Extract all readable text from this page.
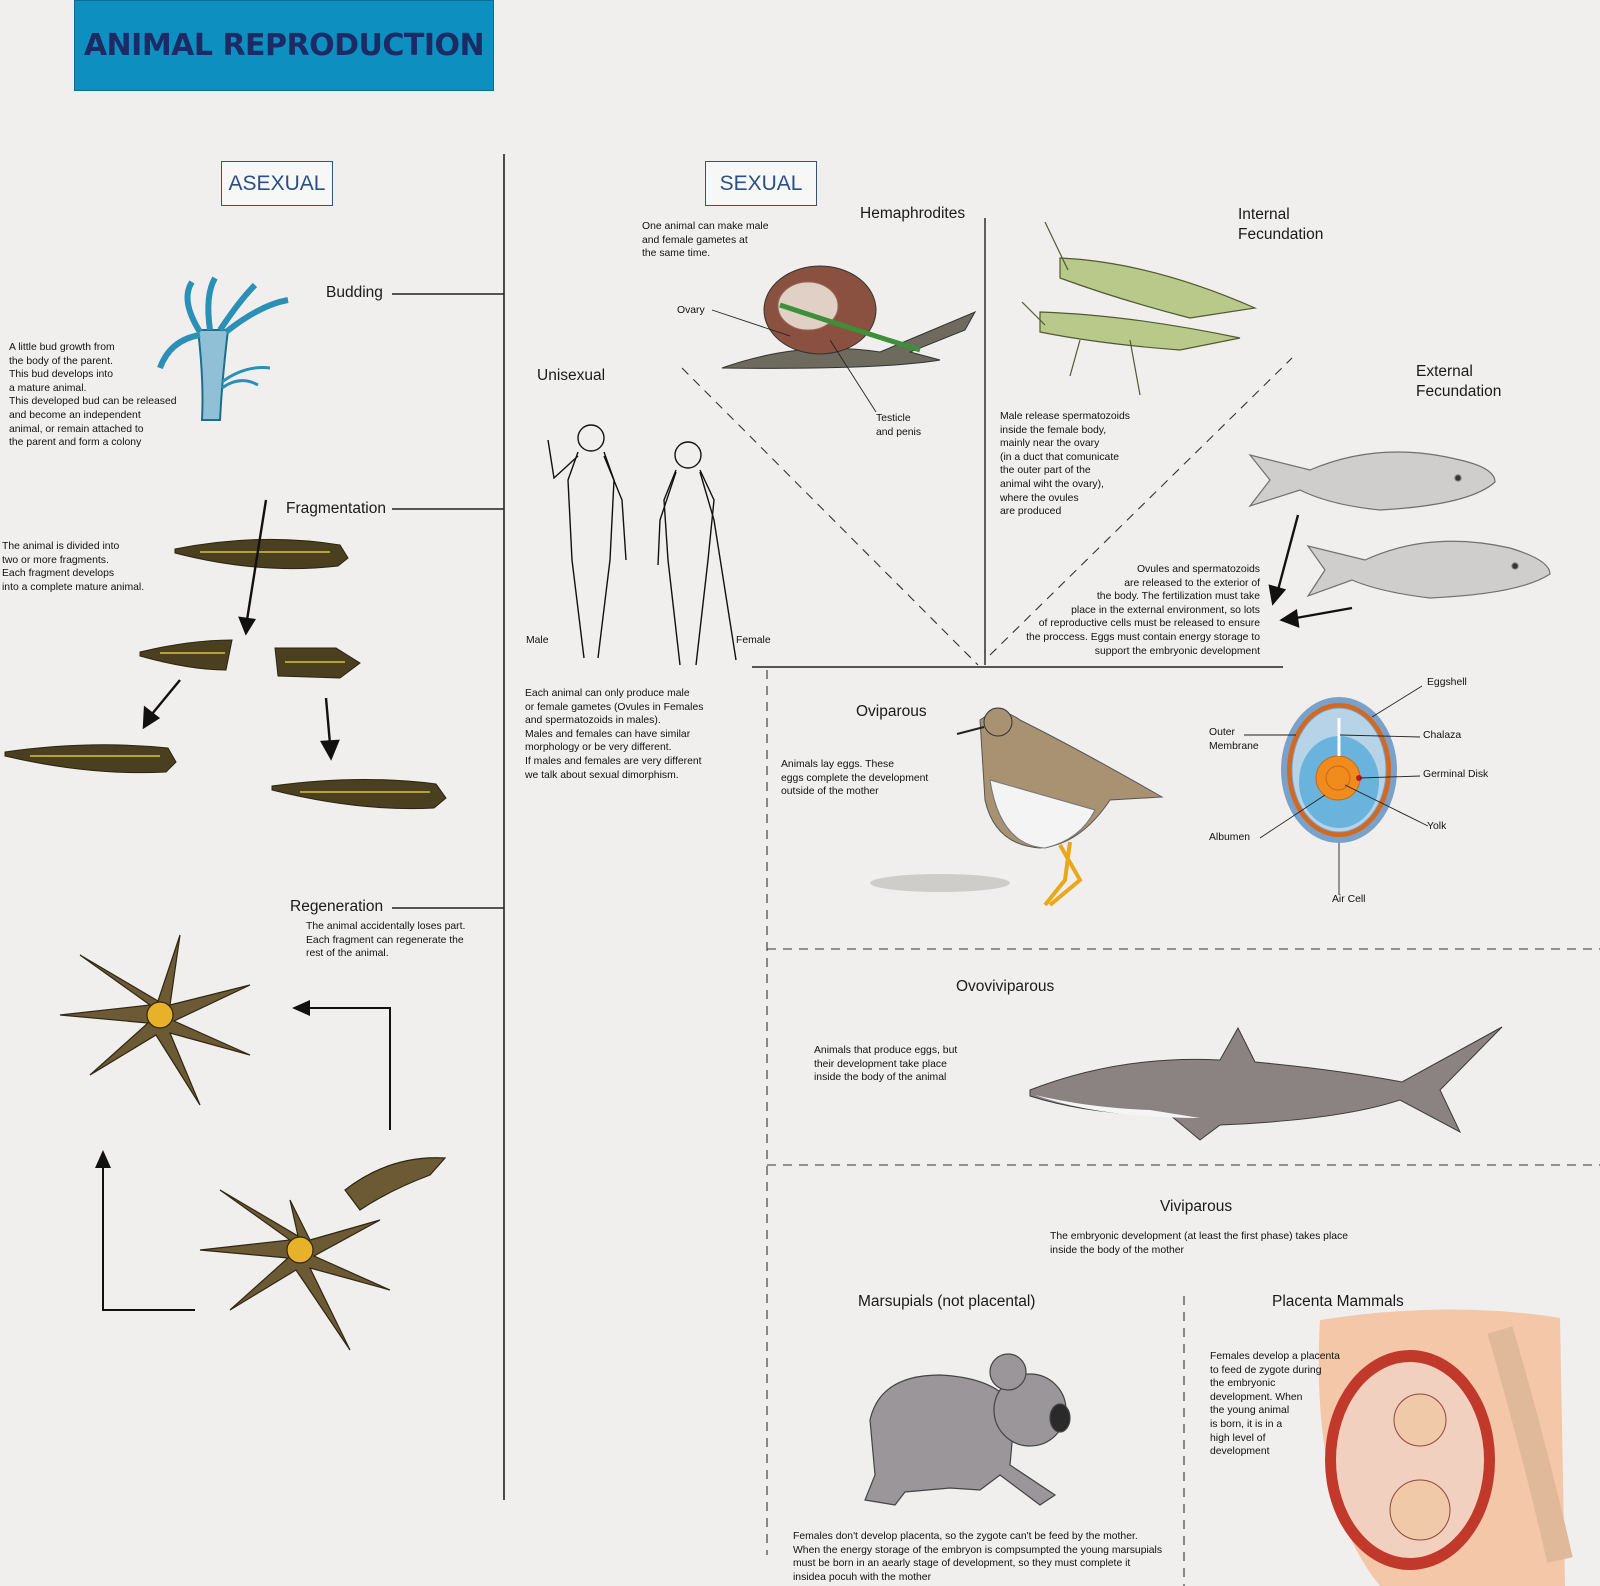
ANIMAL REPRODUCTION
ASEXUAL	SEXUAL
Budding
A little bud growth from
the body of the parent.
This bud develops into
a mature animal.
This developed bud can be released
and become an independent
animal, or remain attached to
the parent and form a colony
Fragmentation
The animal is divided into
two or more fragments.
Each fragment develops
into a complete mature animal.
Regeneration
The animal accidentally loses part.
Each fragment can regenerate the
rest of the animal.
Hemaphrodites
One animal can make male
and female gametes at
the same time.
Ovary
Testicle
and penis
Unisexual
Male	Female
Each animal can only produce male
or female gametes (Ovules in Females
and spermatozoids in males).
Males and females can have similar
morphology or be very different.
If males and females are very different
we talk about sexual dimorphism.
Internal
Fecundation
Male release spermatozoids
inside the female body,
mainly near the ovary
(in a duct that comunicate
the outer part of the
animal wiht the ovary),
where the ovules
are produced
External
Fecundation
Ovules and spermatozoids
are released to the exterior of
the body. The fertilization must take
place in the external environment, so lots
of reproductive cells must be released to ensure
the proccess. Eggs must contain energy storage to
support the embryonic development
Oviparous
Animals lay eggs. These
eggs complete the development
outside of the mother
Eggshell
Outer
Membrane
Chalaza
Germinal Disk
Yolk
Albumen
Air Cell
Ovoviviparous
Animals that produce eggs, but
their development take place
inside the body of the animal
Viviparous
The embryonic development (at least the first phase) takes place
inside the body of the mother
Marsupials (not placental)
Females don't develop placenta, so the zygote can't be feed by the mother.
When the energy storage of the embryon is compsumpted the young marsupials
must be born in an aearly stage of development, so they must complete it
insidea pocuh with the mother
Placenta Mammals
Females develop a placenta
to feed de zygote during
the embryonic
development. When
the young animal
is born, it is in a
high level of
development
